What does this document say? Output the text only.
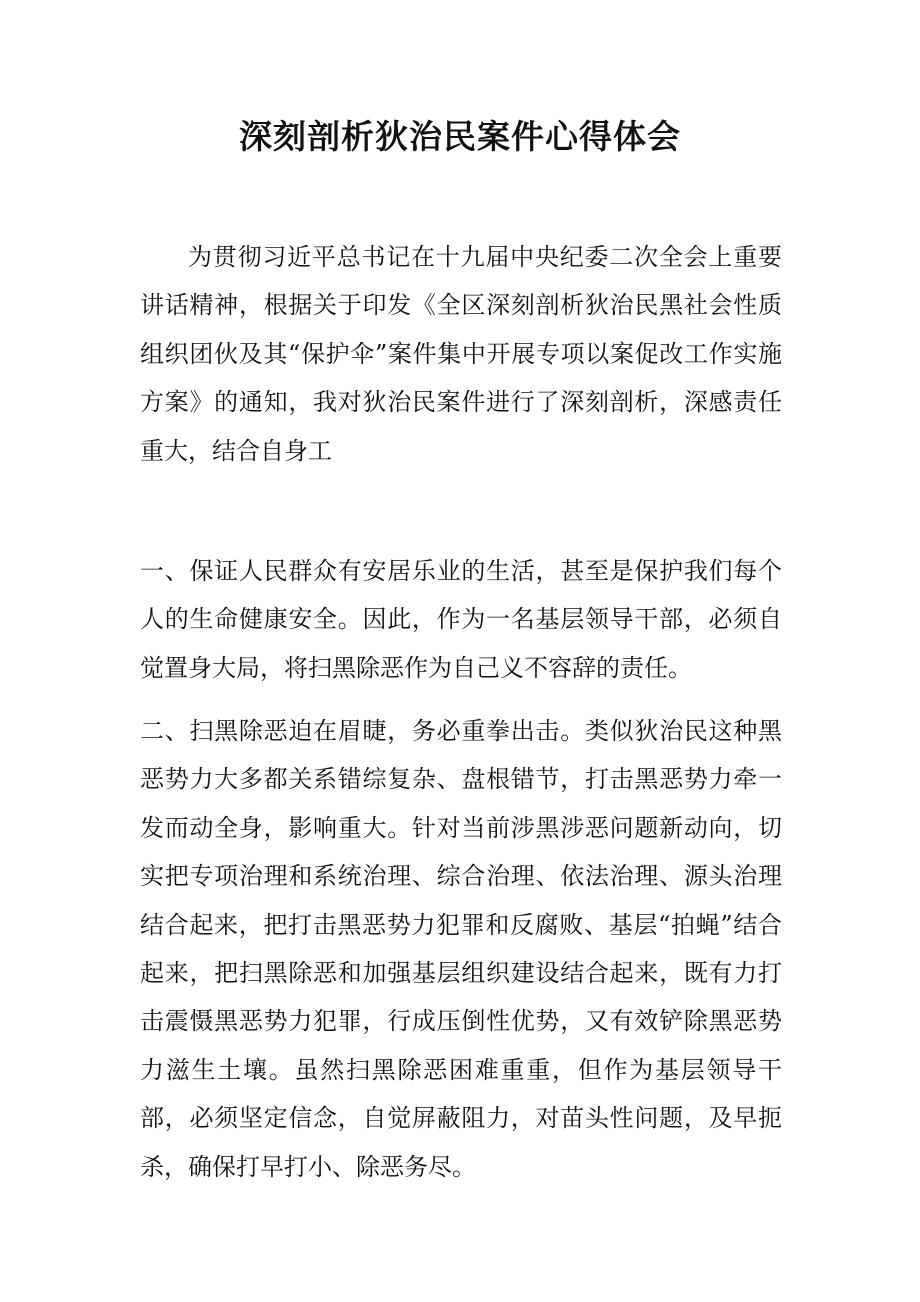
深刻剖析狄治民案件心得体会

为贯彻习近平总书记在十九届中央纪委二次全会上重要讲话精神，根据关于印发《全区深刻剖析狄治民黑社会性质组织团伙及其“保护伞”案件集中开展专项以案促改工作实施方案》的通知，我对狄治民案件进行了深刻剖析，深感责任重大，结合自身工

一、保证人民群众有安居乐业的生活，甚至是保护我们每个人的生命健康安全。因此，作为一名基层领导干部，必须自觉置身大局，将扫黑除恶作为自己义不容辞的责任。

二、扫黑除恶迫在眉睫，务必重拳出击。类似狄治民这种黑恶势力大多都关系错综复杂、盘根错节，打击黑恶势力牵一发而动全身，影响重大。针对当前涉黑涉恶问题新动向，切实把专项治理和系统治理、综合治理、依法治理、源头治理结合起来，把打击黑恶势力犯罪和反腐败、基层“拍蝇”结合起来，把扫黑除恶和加强基层组织建设结合起来，既有力打击震慑黑恶势力犯罪，行成压倒性优势，又有效铲除黑恶势力滋生土壤。虽然扫黑除恶困难重重，但作为基层领导干部，必须坚定信念，自觉屏蔽阻力，对苗头性问题，及早扼杀，确保打早打小、除恶务尽。
